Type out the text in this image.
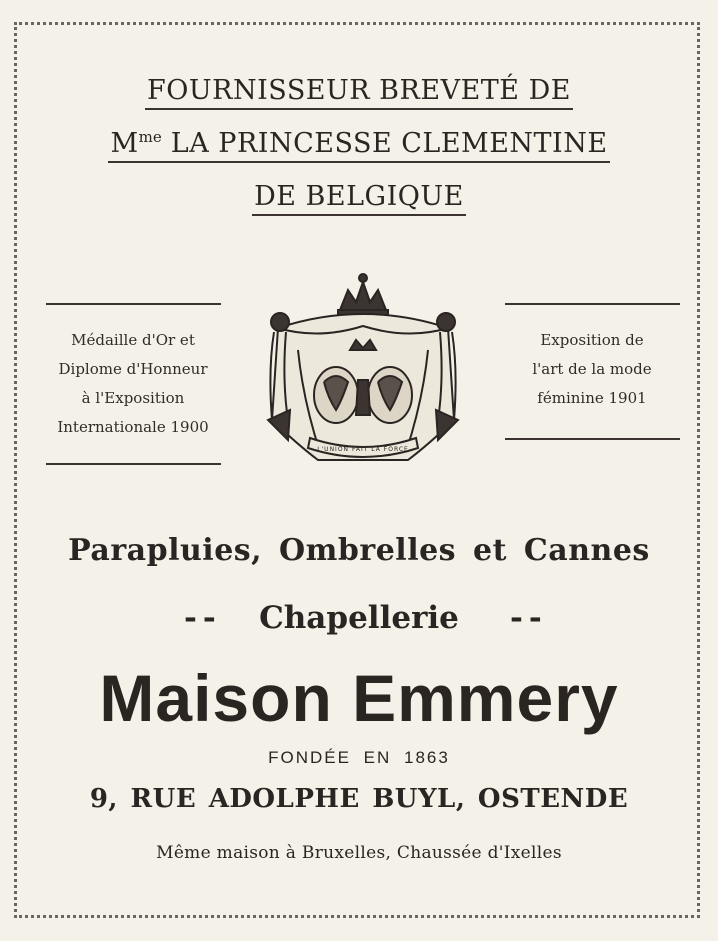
FOURNISSEUR BREVETÉ DE
$M^{me}$ LA PRINCESSE CLEMENTINE
DE BELGIQUE
Médaille d'Or et
Diplome d'Honneur
à l'Exposition
Internationale 1900
Exposition de
l'art de la mode
féminine 1901
L'UNION FAIT LA FORCE
Parapluies, Ombrelles et Cannes
--	Chapellerie	--
Maison Emmery
FONDÉE EN 1863
9, RUE ADOLPHE BUYL, OSTENDE
Même maison à Bruxelles, Chaussée d'Ixelles
